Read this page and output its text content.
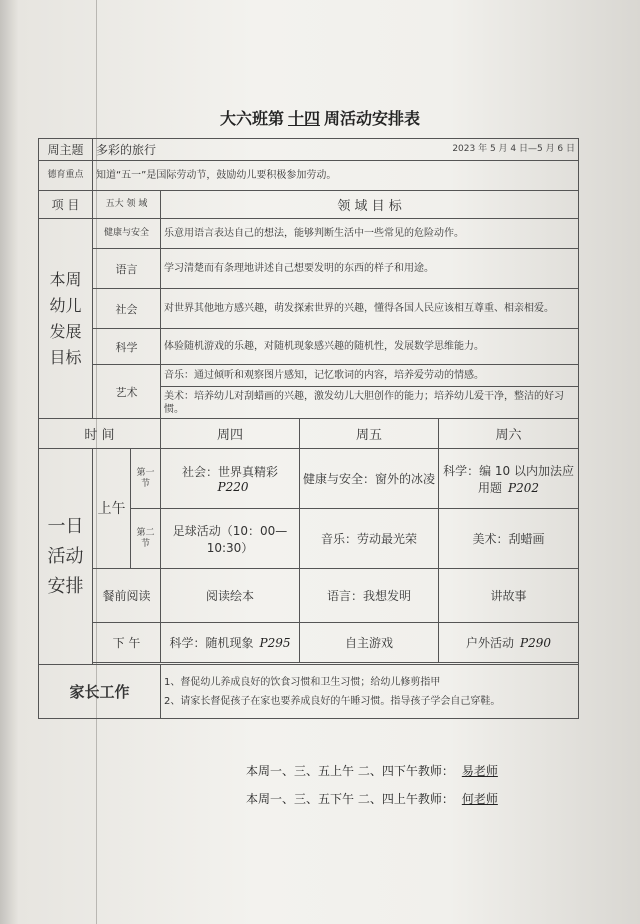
大六班第 十四 周活动安排表
周主题	多彩的旅行 2023 年 5 月 4 日—5 月 6 日				

德育重点	知道“五一”是国际劳动节，鼓励幼儿要积极参加劳动。				
项 目	五大 领 域		领 域 目 标		
本周幼儿发展目标	健康与安全		乐意用语言表达自己的想法，能够判断生活中一些常见的危险动作。		
	语言		学习清楚而有条理地讲述自己想要发明的东西的样子和用途。		
	社会		对世界其他地方感兴趣，萌发探索世界的兴趣，懂得各国人民应该相互尊重、相亲相爱。		
	科学		体验随机游戏的乐趣，对随机现象感兴趣的随机性，发展数学思维能力。		
	艺术		音乐：通过倾听和观察图片感知，记忆歌词的内容，培养爱劳动的情感。		
			美术：培养幼儿对刮蜡画的兴趣，激发幼儿大胆创作的能力；培养幼儿爱干净，整洁的好习惯。		
时 间			周四	周五	周六
一日活动安排	上午	第一节	社会：世界真精彩P220	健康与安全：窗外的冰凌	科学：编 10 以内加法应用题 P202
		第二节	足球活动（10：00—10:30）	音乐：劳动最光荣	美术：刮蜡画
	餐前阅读		阅读绘本	语言：我想发明	讲故事
	下 午		科学：随机现象 P295	自主游戏	户外活动 P290

家长工作			1、督促幼儿养成良好的饮食习惯和卫生习惯；给幼儿修剪指甲
2、请家长督促孩子在家也要养成良好的午睡习惯。指导孩子学会自己穿鞋。		
本周一、三、五上午 二、四下午教师： 易老师
本周一、三、五下午 二、四上午教师： 何老师
